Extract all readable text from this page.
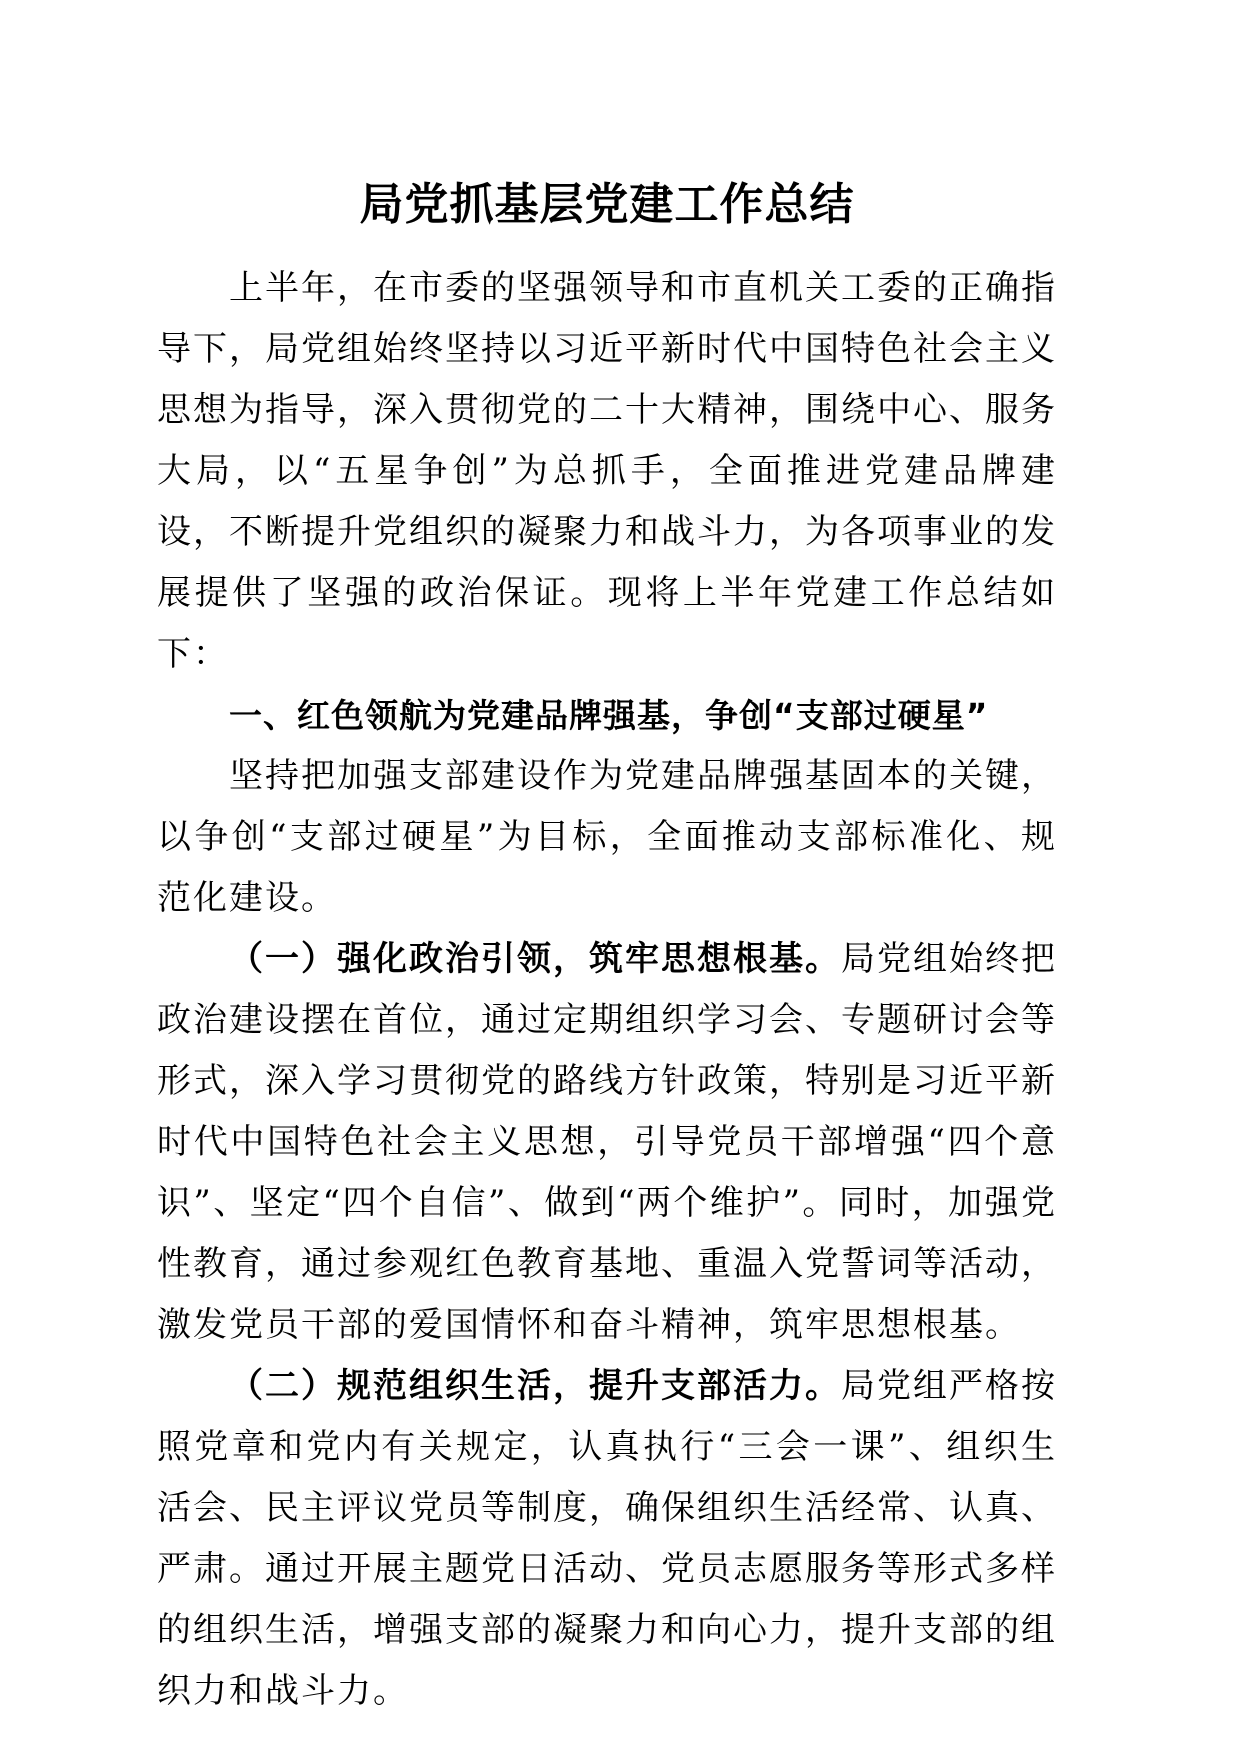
局党抓基层党建工作总结

上半年，在市委的坚强领导和市直机关工委的正确指导下，局党组始终坚持以习近平新时代中国特色社会主义思想为指导，深入贯彻党的二十大精神，围绕中心、服务大局，以“五星争创”为总抓手，全面推进党建品牌建设，不断提升党组织的凝聚力和战斗力，为各项事业的发展提供了坚强的政治保证。现将上半年党建工作总结如下：

一、红色领航为党建品牌强基，争创“支部过硬星”

坚持把加强支部建设作为党建品牌强基固本的关键，以争创“支部过硬星”为目标，全面推动支部标准化、规范化建设。

（一）强化政治引领，筑牢思想根基。局党组始终把政治建设摆在首位，通过定期组织学习会、专题研讨会等形式，深入学习贯彻党的路线方针政策，特别是习近平新时代中国特色社会主义思想，引导党员干部增强“四个意识”、坚定“四个自信”、做到“两个维护”。同时，加强党性教育，通过参观红色教育基地、重温入党誓词等活动，激发党员干部的爱国情怀和奋斗精神，筑牢思想根基。

（二）规范组织生活，提升支部活力。局党组严格按照党章和党内有关规定，认真执行“三会一课”、组织生活会、民主评议党员等制度，确保组织生活经常、认真、严肃。通过开展主题党日活动、党员志愿服务等形式多样的组织生活，增强支部的凝聚力和向心力，提升支部的组织力和战斗力。
